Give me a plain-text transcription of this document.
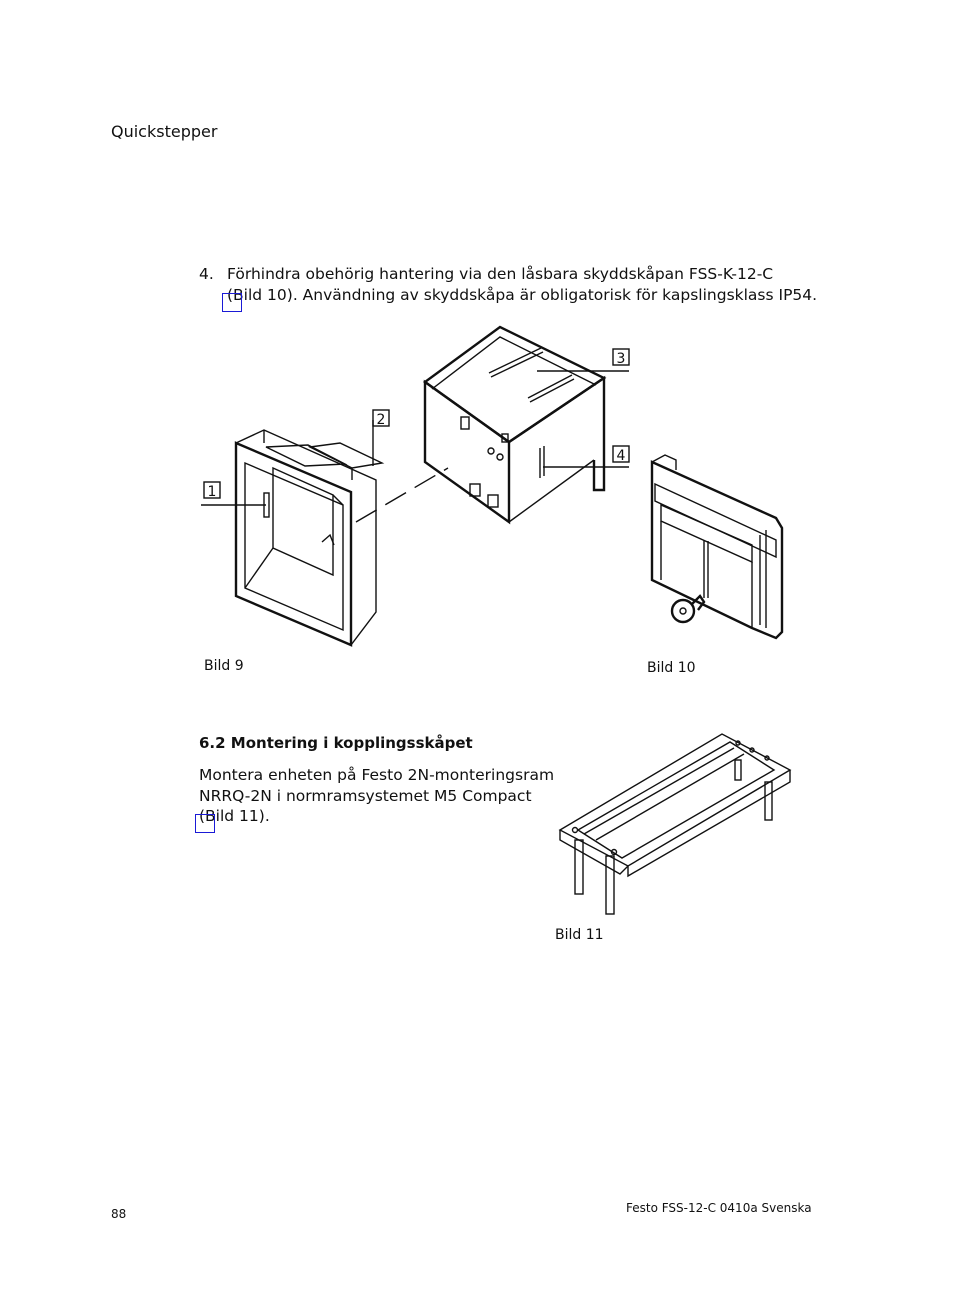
Quickstepper
4. Förhindra obehörig hantering via den låsbara skyddskåpan FSS-K-12-C
(Bild 10). Användning av skyddskåpa är obligatorisk för kapslingsklass IP54.
1
2
3
4
Bild 9	Bild 10
6.2 Montering i kopplingsskåpet
Montera enheten på Festo 2N-monteringsram
NRRQ-2N i normramsystemet M5 Compact
(Bild 11).
Bild 11
88	Festo FSS-12-C 0410a Svenska
